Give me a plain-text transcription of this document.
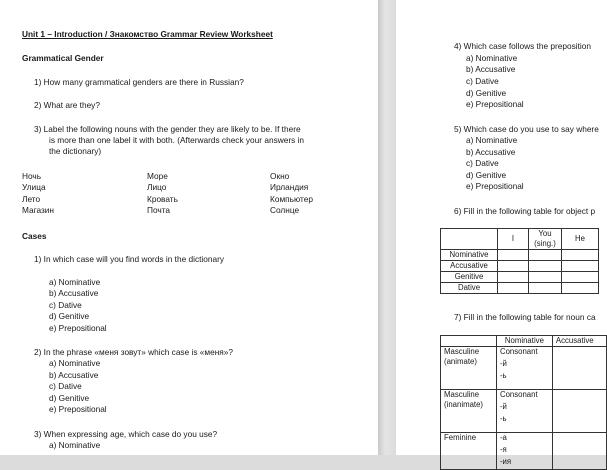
Unit 1 – Introduction / Знакомство Grammar Review Worksheet
Grammatical Gender
1) How many grammatical genders are there in Russian?
2) What are they?
3) Label the following nouns with the gender they are likely to be. If there
is more than one label it with both. (Afterwards check your answers in
the dictionary)
Ночь	Море	Окно
Улица	Лицо	Ирландия
Лето	Кровать	Компьютер
Магазин	Почта	Солнце
Cases
1) In which case will you find words in the dictionary
a) Nominative
b) Accusative
c) Dative
d) Genitive
e) Prepositional
2) In the phrase «меня зовут» which case is «меня»?
a) Nominative
b) Accusative
c) Dative
d) Genitive
e) Prepositional
3) When expressing age, which case do you use?
a) Nominative
4) Which case follows the preposition
a) Nominative
b) Accusative
c) Dative
d) Genitive
e) Prepositional
5) Which case do you use to say where
a) Nominative
b) Accusative
c) Dative
d) Genitive
e) Prepositional
6) Fill in the following table for object p
	I	You (sing.)	He
Nominative			
Accusative			
Genitive			
Dative			
7) Fill in the following table for noun ca
	Nominative	Accusative
Masculine (animate)	Consonant
-й
-ь	

Masculine (inanimate)	Consonant
-й
-ь	

Feminine	-а
-я
-ия	
